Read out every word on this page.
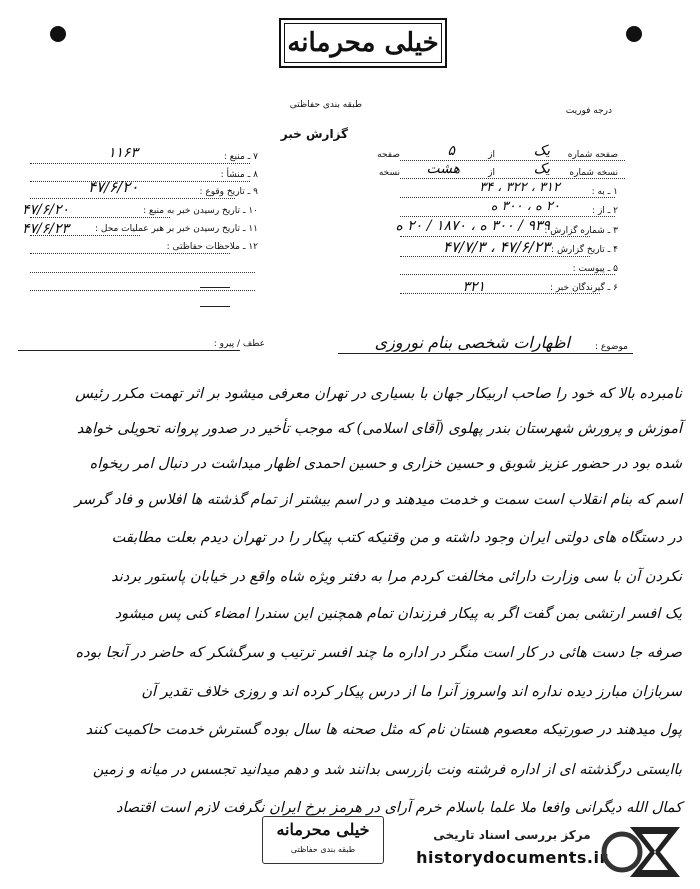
خیلی محرمانه
درجه فوریت
طبقه بندی حفاظتی
گزارش خبر
۷ ـ منبع :
۱۱۶۳
۸ ـ منشأ :
۹ ـ تاریخ وقوع :
۴۷/۶/۲۰
۱۰ ـ تاریخ رسیدن خبر به منبع :
۴۷/۶/۲۰
۱۱ ـ تاریخ رسیدن خبر بر هبر عملیات محل :
۴۷/۶/۲۳
۱۲ ـ ملاحظات حفاظتی :
صفحه شماره
یک
از
۵
صفحه
نسخه شماره
یک
از
هشت
نسخه
۱ ـ به :
۳۱۲ ، ۳۲۲ ، ۳۴
۲ ـ از :
۲۰ ه ، ۳۰۰ ه
۳ ـ شماره گزارش :
۹۳۹ / ۳۰۰ ه ، ۱۸۷۰ / ۲۰ ه
۴ ـ تاریخ گزارش :
۴۷/۶/۲۳ ، ۴۷/۷/۳
۵ ـ پیوست :
۶ ـ گیرندگان خبر :
۳۲۱
عطف / پیرو :	موضوع :
اظهارات شخصی بنام نوروزی
نامبرده بالا که خود را صاحب اربیکار جهان با بسیاری در تهران معرفی میشود بر اثر تهمت مکرر رئیس
آموزش و پرورش شهرستان بندر پهلوی (آقای اسلامی) که موجب تأخیر در صدور پروانه تحویلی خواهد
شده بود در حضور عزیز شوبق و حسین خزاری و حسین احمدی اظهار میداشت در دنبال امر ریخواه
اسم که بنام انقلاب است سمت و خدمت میدهند و در اسم بیشتر از تمام گذشته ها افلاس و فاد گرسر
در دستگاه های دولتی ایران وجود داشته و من وقتیکه کتب پیکار را در تهران دیدم بعلت مطابقت
نکردن آن با سی وزارت دارائی مخالفت کردم مرا به دفتر ویژه شاه واقع در خیابان پاستور بردند
یک افسر ارتشی بمن گفت اگر به پیکار فرزندان تمام همچنین این سندرا امضاء کنی پس میشود
صرفه جا دست هائی در کار است منگر در اداره ما چند افسر ترتیب و سرگشکر که حاضر در آنجا بوده
سربازان مبارز دیده نداره اند واسروز آنرا ما از درس پیکار کرده اند و روزی خلاف تقدیر آن
پول میدهند در صورتیکه معصوم هستان نام که مثل صحنه ها سال بوده گسترش خدمت حاکمیت کنند
باایستی درگذشته ای از اداره فرشته ونت بازرسی بدانند شد و دهم میدانید تجسس در میانه و زمین
کمال الله دیگرانی وافعا ملا علما باسلام خرم آرای در هرمز برخ ایران نگرفت لازم است اقتصاد
خیلی محرمانه
طبقه بندی حفاظتی
مرکز بررسی اسناد تاریخی
historydocuments.ir
